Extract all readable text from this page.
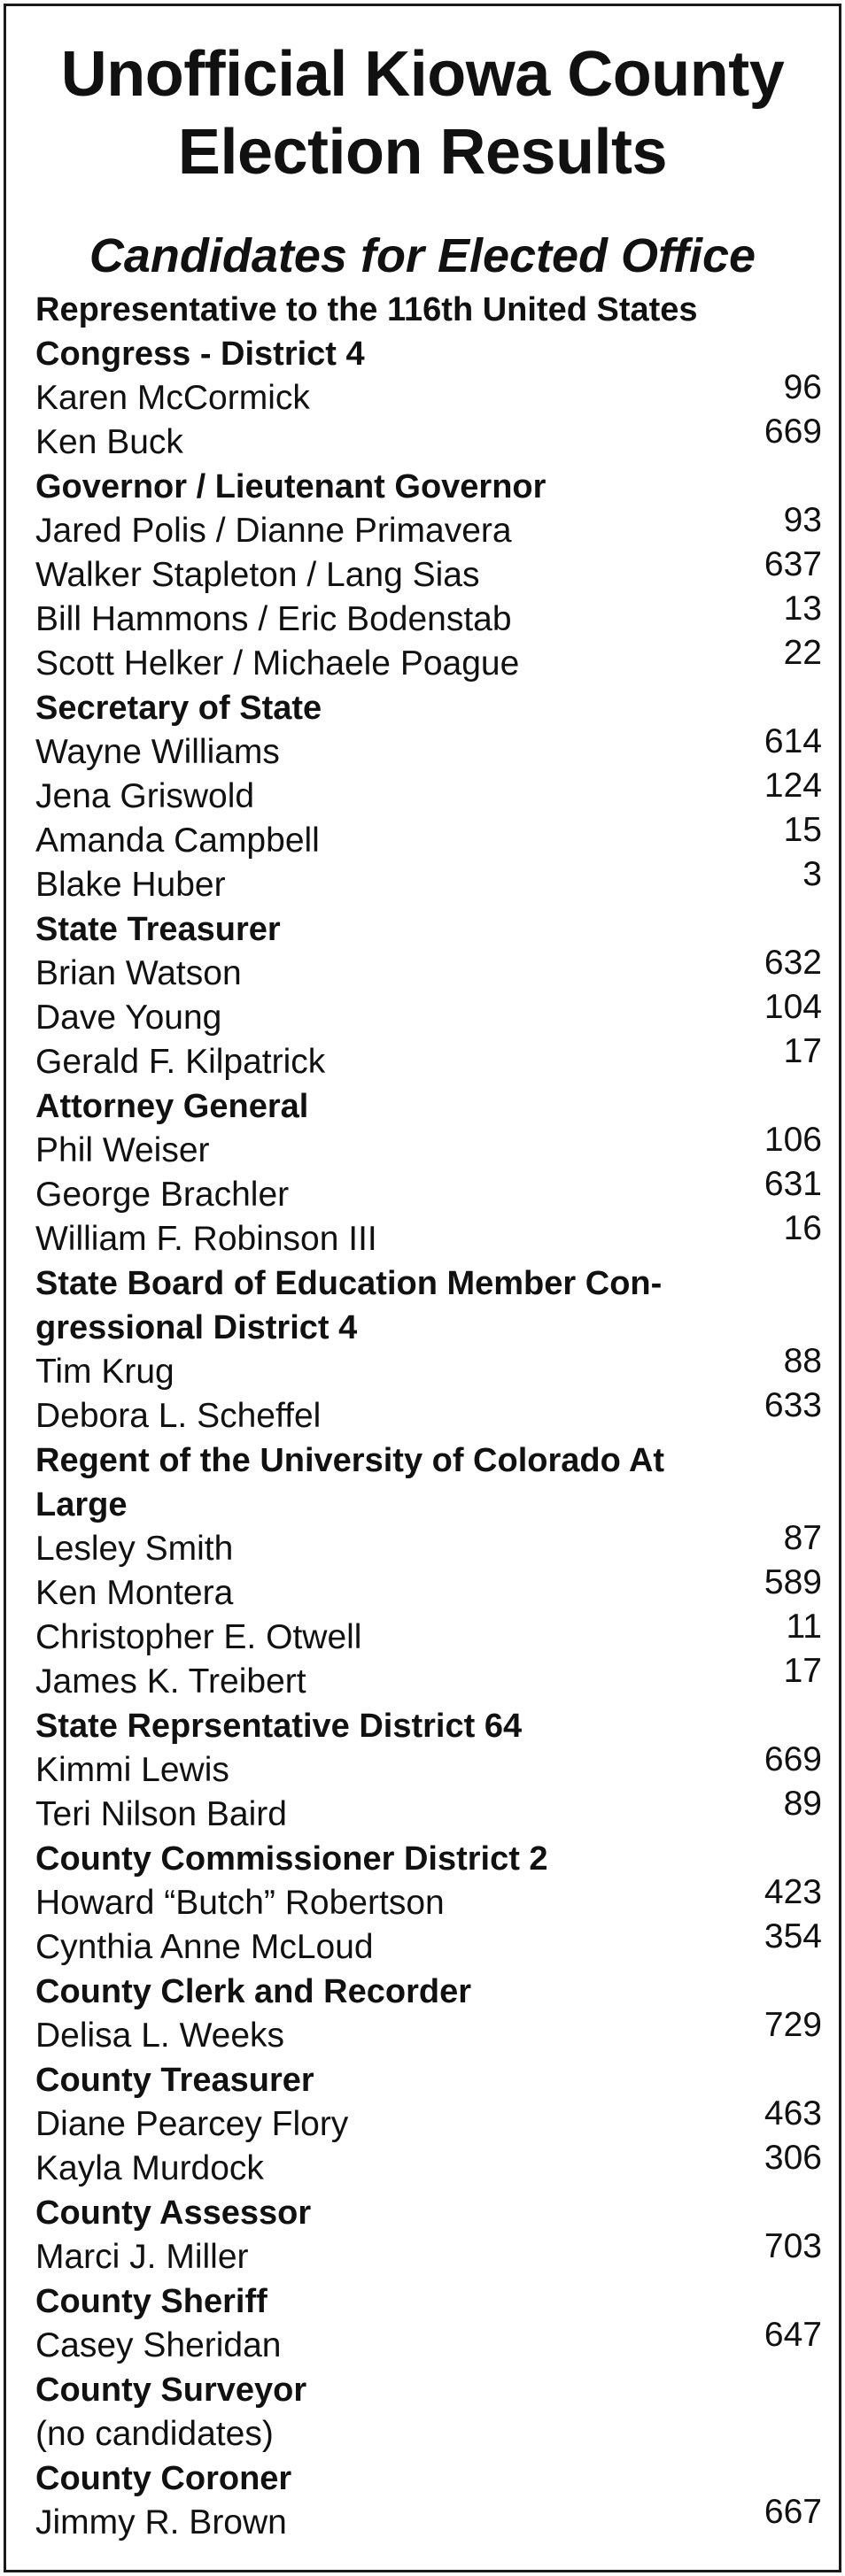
Unofficial Kiowa County
Election Results
Candidates for Elected Office
Representative to the 116th United States
Congress - District 4
Karen McCormick	96
Ken Buck	669
Governor / Lieutenant Governor
Jared Polis / Dianne Primavera	93
Walker Stapleton / Lang Sias	637
Bill Hammons / Eric Bodenstab	13
Scott Helker / Michaele Poague	22
Secretary of State
Wayne Williams	614
Jena Griswold	124
Amanda Campbell	15
Blake Huber	3
State Treasurer
Brian Watson	632
Dave Young	104
Gerald F. Kilpatrick	17
Attorney General
Phil Weiser	106
George Brachler	631
William F. Robinson III	16
State Board of Education Member Con-
gressional District 4
Tim Krug	88
Debora L. Scheffel	633
Regent of the University of Colorado At
Large
Lesley Smith	87
Ken Montera	589
Christopher E. Otwell	11
James K. Treibert	17
State Reprsentative District 64
Kimmi Lewis	669
Teri Nilson Baird	89
County Commissioner District 2
Howard “Butch” Robertson	423
Cynthia Anne McLoud	354
County Clerk and Recorder
Delisa L. Weeks	729
County Treasurer
Diane Pearcey Flory	463
Kayla Murdock	306
County Assessor
Marci J. Miller	703
County Sheriff
Casey Sheridan	647
County Surveyor
(no candidates)
County Coroner
Jimmy R. Brown	667
